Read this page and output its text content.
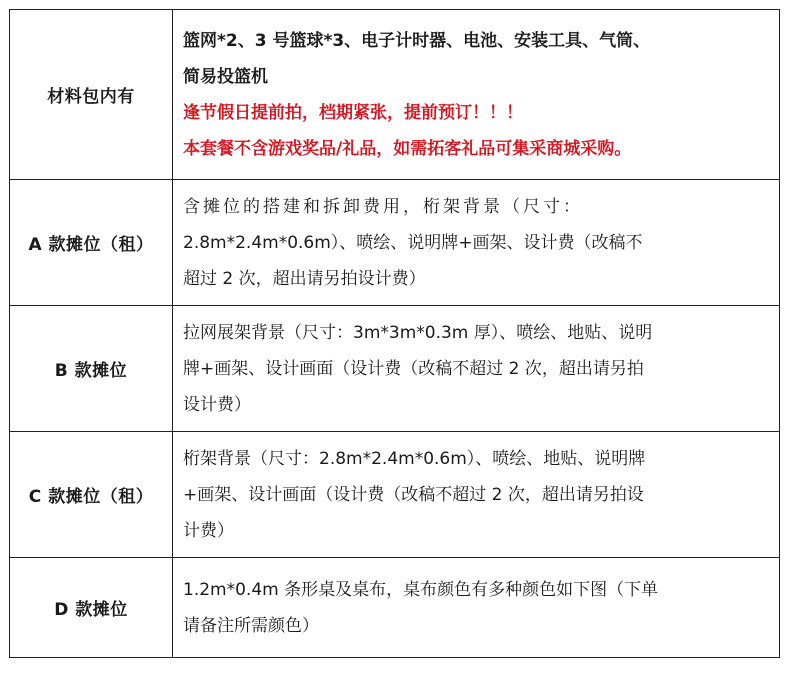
材料包内有	篮网*2、3 号篮球*3、电子计时器、电池、安装工具、气筒、

简易投篮机

逢节假日提前拍，档期紧张，提前预订！！！

本套餐不含游戏奖品/礼品，如需拓客礼品可集采商城采购。

A 款摊位（租）	含摊位的搭建和拆卸费用，桁架背景（尺寸：

2.8m*2.4m*0.6m）、喷绘、说明牌+画架、设计费（改稿不

超过 2 次，超出请另拍设计费）

B 款摊位	拉网展架背景（尺寸：3m*3m*0.3m 厚）、喷绘、地贴、说明

牌+画架、设计画面（设计费（改稿不超过 2 次，超出请另拍

设计费）

C 款摊位（租）	桁架背景（尺寸：2.8m*2.4m*0.6m）、喷绘、地贴、说明牌

+画架、设计画面（设计费（改稿不超过 2 次，超出请另拍设

计费）

D 款摊位	1.2m*0.4m 条形桌及桌布，桌布颜色有多种颜色如下图（下单

请备注所需颜色）
